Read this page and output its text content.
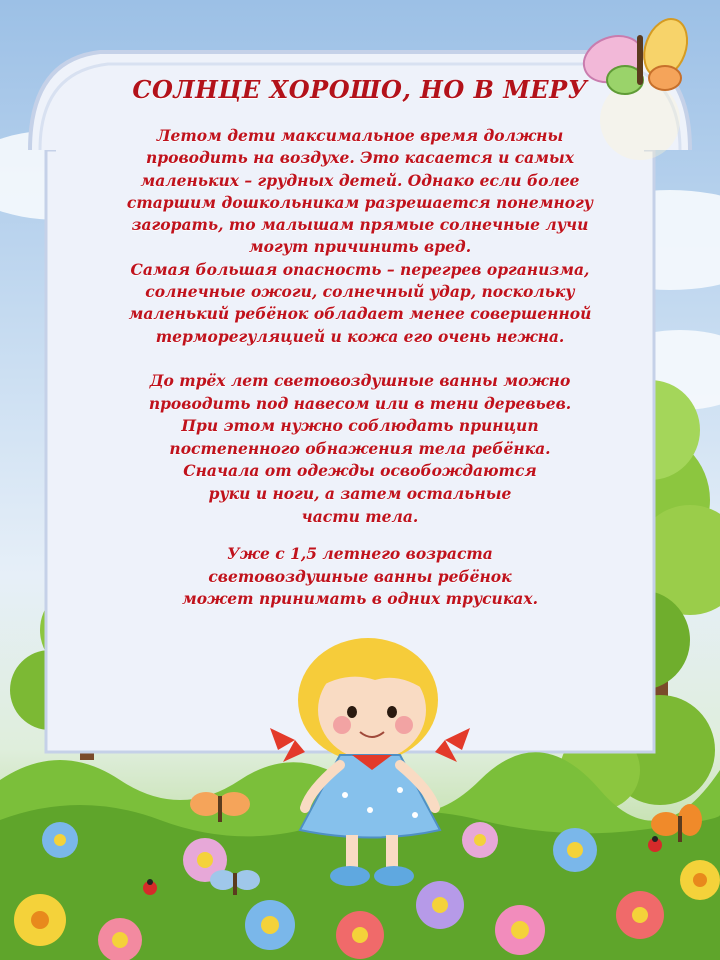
СОЛНЦЕ ХОРОШО, НО В МЕРУ
Летом дети максимальное время должны
проводить на воздухе. Это касается и самых
маленьких – грудных детей. Однако если более
старшим дошкольникам разрешается понемногу
загорать, то малышам прямые солнечные лучи
могут причинить вред.
Самая большая опасность – перегрев организма,
солнечные ожоги, солнечный удар, поскольку
маленький ребёнок обладает менее совершенной
терморегуляцией и кожа его очень нежна.
До трёх лет световоздушные ванны можно
проводить под навесом или в тени деревьев.
При этом нужно соблюдать принцип
постепенного обнажения тела ребёнка.
Сначала от одежды освобождаются
руки и ноги, а затем остальные
части тела.
Уже с 1,5 летнего возраста
световоздушные ванны ребёнок
может принимать в одних трусиках.
